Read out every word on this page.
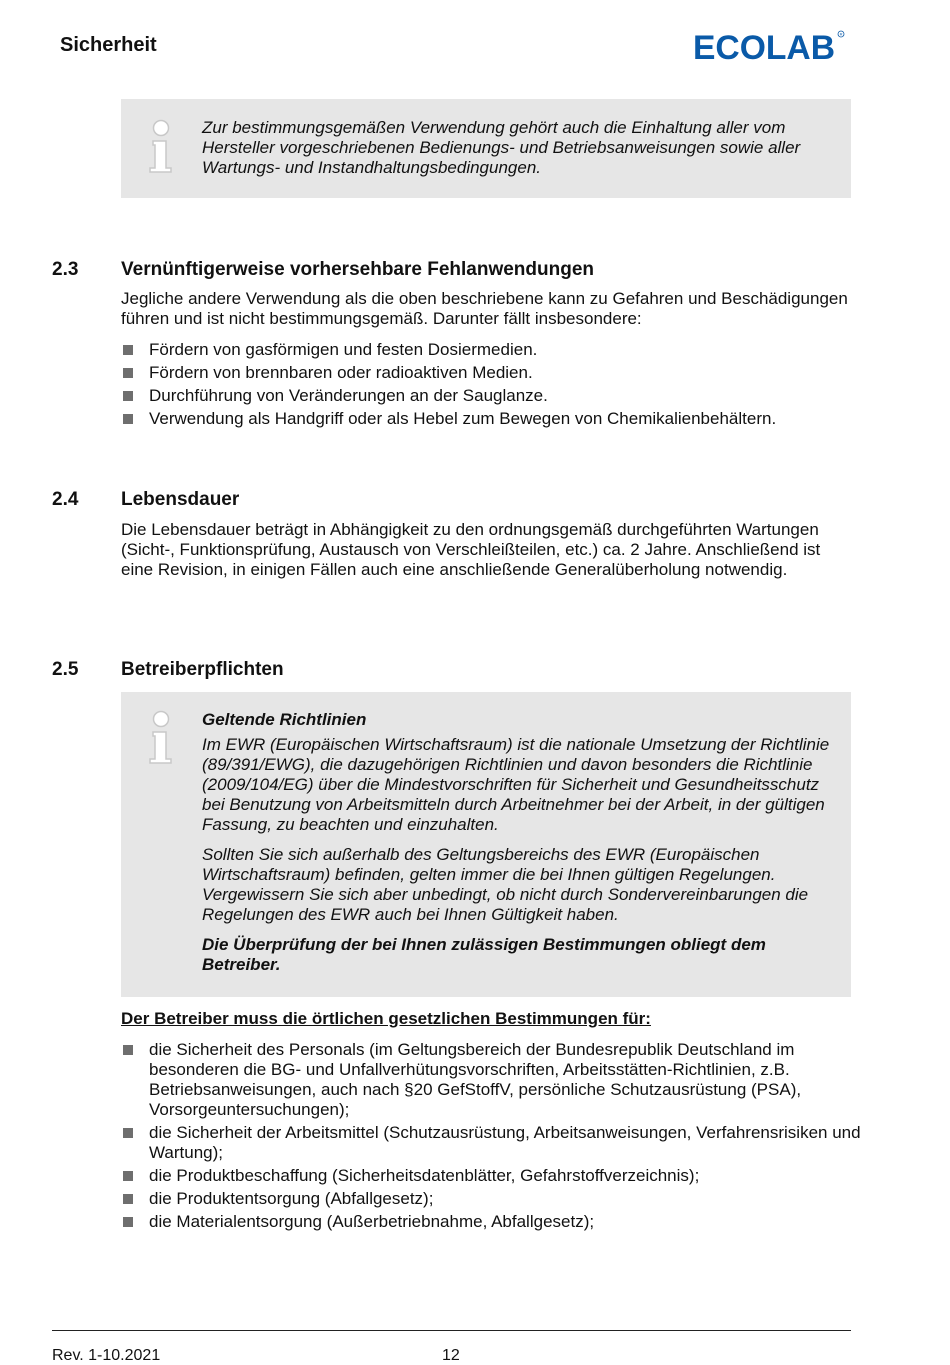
Sicherheit	ECOLAB R
Zur bestimmungsgemäßen Verwendung gehört auch die Einhaltung aller vom Hersteller vorgeschriebenen Bedienungs- und Betriebsanweisungen sowie aller Wartungs- und Instandhaltungsbedingungen.
2.3 Vernünftigerweise vorhersehbare Fehlanwendungen
Jegliche andere Verwendung als die oben beschriebene kann zu Gefahren und Beschädigungen führen und ist nicht bestimmungsgemäß. Darunter fällt insbesondere:
Fördern von gasförmigen und festen Dosiermedien.
Fördern von brennbaren oder radioaktiven Medien.
Durchführung von Veränderungen an der Sauglanze.
Verwendung als Handgriff oder als Hebel zum Bewegen von Chemikalienbehältern.
2.4 Lebensdauer
Die Lebensdauer beträgt in Abhängigkeit zu den ordnungsgemäß durchgeführten Wartungen (Sicht-, Funktionsprüfung, Austausch von Verschleißteilen, etc.) ca. 2 Jahre. Anschließend ist eine Revision, in einigen Fällen auch eine anschließende Generalüberholung notwendig.
2.5 Betreiberpflichten

Geltende Richtlinien

Im EWR (Europäischen Wirtschaftsraum) ist die nationale Umsetzung der Richtlinie (89/391/EWG), die dazugehörigen Richtlinien und davon besonders die Richtlinie (2009/104/EG) über die Mindestvorschriften für Sicherheit und Gesundheitsschutz bei Benutzung von Arbeitsmitteln durch Arbeitnehmer bei der Arbeit, in der gültigen Fassung, zu beachten und einzuhalten.

Sollten Sie sich außerhalb des Geltungsbereichs des EWR (Europäischen Wirtschaftsraum) befinden, gelten immer die bei Ihnen gültigen Regelungen. Vergewissern Sie sich aber unbedingt, ob nicht durch Sondervereinbarungen die Regelungen des EWR auch bei Ihnen Gültigkeit haben.

Die Überprüfung der bei Ihnen zulässigen Bestimmungen obliegt dem Betreiber.

Der Betreiber muss die örtlichen gesetzlichen Bestimmungen für:
die Sicherheit des Personals (im Geltungsbereich der Bundesrepublik Deutschland im besonderen die BG- und Unfallverhütungsvorschriften, Arbeitsstätten-Richtlinien, z.B. Betriebsanweisungen, auch nach §20 GefStoffV, persönliche Schutzausrüstung (PSA), Vorsorgeuntersuchungen);
die Sicherheit der Arbeitsmittel (Schutzausrüstung, Arbeitsanweisungen, Verfahrensrisiken und Wartung);
die Produktbeschaffung (Sicherheitsdatenblätter, Gefahrstoffverzeichnis);
die Produktentsorgung (Abfallgesetz);
die Materialentsorgung (Außerbetriebnahme, Abfallgesetz);
Rev. 1-10.2021	12
